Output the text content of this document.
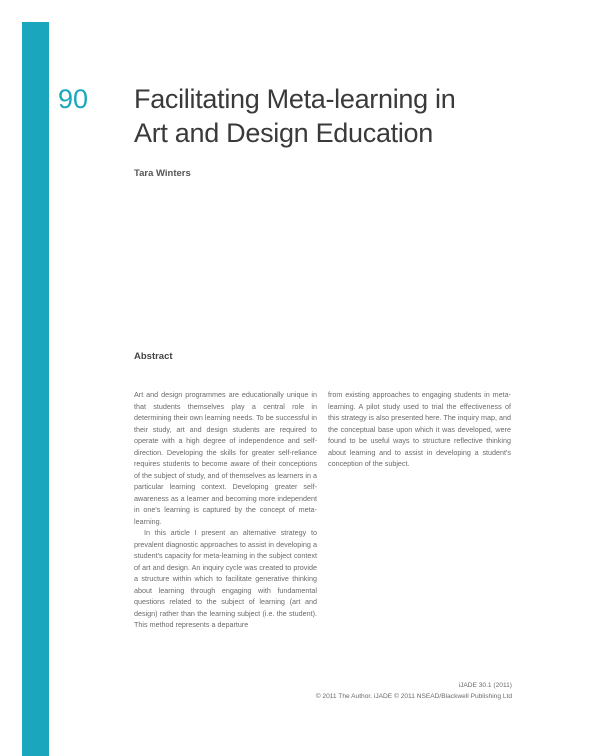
90 Facilitating Meta-learning in
Art and Design Education
Tara Winters
Abstract

Art and design programmes are educationally unique in that students themselves play a central role in determining their own learning needs. To be successful in their study, art and design students are required to operate with a high degree of independence and self-direction. Developing the skills for greater self-reliance requires students to become aware of their conceptions of the subject of study, and of themselves as learners in a particular learning context. Developing greater self-awareness as a learner and becoming more independent in one's learning is captured by the concept of meta-learning.

In this article I present an alternative strategy to prevalent diagnostic approaches to assist in developing a student's capacity for meta-learning in the subject context of art and design. An inquiry cycle was created to provide a structure within which to facilitate generative thinking about learning through engaging with fundamental questions related to the subject of learning (art and design) rather than the learning subject (i.e. the student). This method represents a departure

from existing approaches to engaging students in meta-learning. A pilot study used to trial the effectiveness of this strategy is also presented here. The inquiry map, and the conceptual base upon which it was developed, were found to be useful ways to structure reflective thinking about learning and to assist in developing a student's conception of the subject.

iJADE 30.1 (2011)
© 2011 The Author. iJADE © 2011 NSEAD/Blackwell Publishing Ltd
